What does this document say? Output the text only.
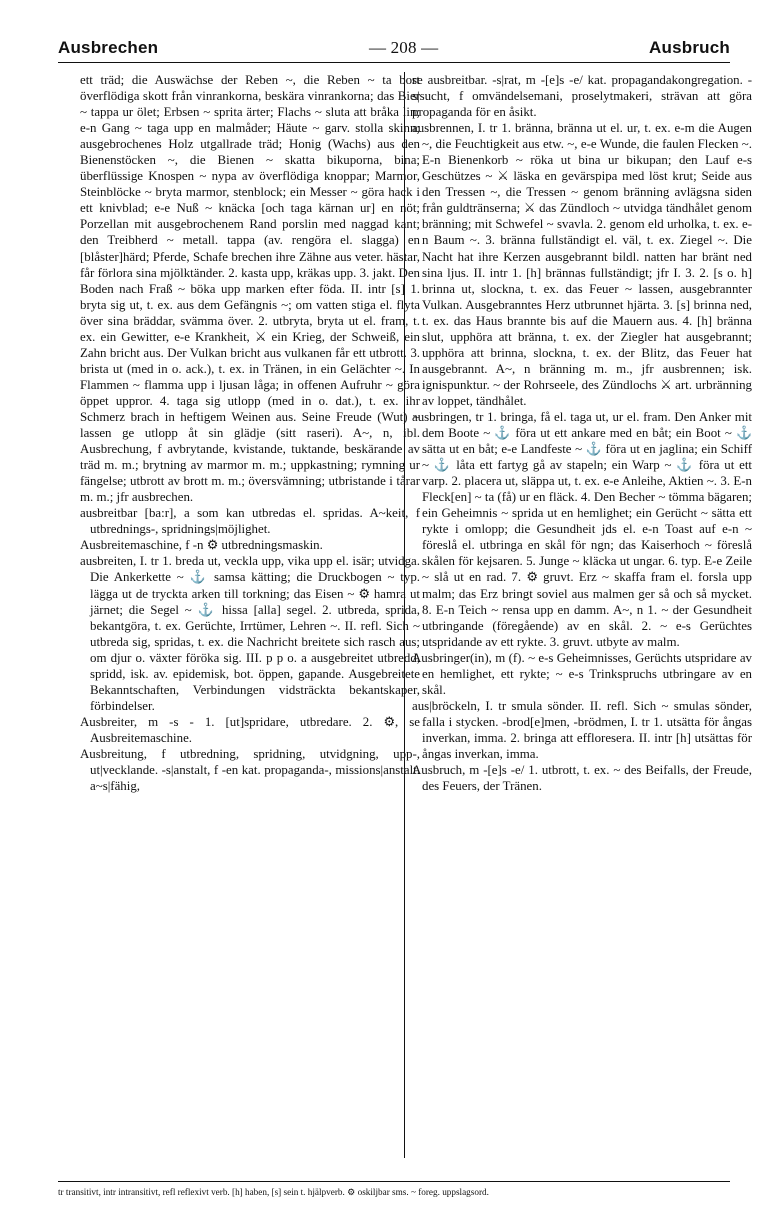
Ausbrechen	— 208 —	Ausbruch

ett träd; die Auswächse der Reben ~, die Reben ~ ta bort överflödiga skott från vinrankorna, beskära vinrankorna; das Bier ~ tappa ur ölet; Erbsen ~ sprita ärter; Flachs ~ sluta att bråka lin; e-n Gang ~ taga upp en malmåder; Häute ~ garv. stolla skinn; ausgebrochenes Holz utgallrade träd; Honig (Wachs) aus den Bienenstöcken ~, die Bienen ~ skatta bikuporna, bina; überflüssige Knospen ~ nypa av överflödiga knoppar; Marmor, Steinblöcke ~ bryta marmor, stenblock; ein Messer ~ göra hack i ett knivblad; e-e Nuß ~ knäcka [och taga kärnan ur] en nöt; Porzellan mit ausgebrochenem Rand porslin med naggad kant; den Treibherd ~ metall. tappa (av. rengöra el. slagga) en [blåster]härd; Pferde, Schafe brechen ihre Zähne aus veter. hästar, får förlora sina mjölktänder. 2. kasta upp, kräkas upp. 3. jakt. Den Boden nach Fraß ~ böka upp marken efter föda. II. intr [s] 1. bryta sig ut, t. ex. aus dem Gefängnis ~; om vatten stiga el. flyta över sina bräddar, svämma över. 2. utbryta, bryta ut el. fram, t. ex. ein Gewitter, e-e Krankheit, ⚔ ein Krieg, der Schweiß, ein Zahn bricht aus. Der Vulkan bricht aus vulkanen får ett utbrott. 3. brista ut (med in o. ack.), t. ex. in Tränen, in ein Gelächter ~. In Flammen ~ flamma upp i ljusan låga; in offenen Aufruhr ~ göra öppet uppror. 4. taga sig utlopp (med in o. dat.), t. ex. ihr Schmerz brach in heftigem Weinen aus. Seine Freude (Wut) ~ lassen ge utlopp åt sin glädje (sitt raseri). A~, n, ibl. Ausbrechung, f avbrytande, kvistande, tuktande, beskärande av träd m. m.; brytning av marmor m. m.; uppkastning; rymning ur fängelse; utbrott av brott m. m.; översvämning; utbristande i tårar m. m.; jfr ausbrechen.

ausbreitbar [ba:r], a som kan utbredas el. spridas. A~keit, f utbrednings-, spridnings|möjlighet.

Ausbreitemaschine, f -n ⚙ utbredningsmaskin.

ausbreiten, I. tr 1. breda ut, veckla upp, vika upp el. isär; utvidga. Die Ankerkette ~ ⚓ samsa kätting; die Druckbogen ~ typ. lägga ut de tryckta arken till torkning; das Eisen ~ ⚙ hamra ut järnet; die Segel ~ ⚓ hissa [alla] segel. 2. utbreda, sprida, bekantgöra, t. ex. Gerüchte, Irrtümer, Lehren ~. II. refl. Sich ~ utbreda sig, spridas, t. ex. die Nachricht breitete sich rasch aus; om djur o. växter föröka sig. III. p p o. a ausgebreitet utbredd, spridd, isk. av. epidemisk, bot. öppen, gapande. Ausgebreitete Bekanntschaften, Verbindungen vidsträckta bekantskaper, förbindelser.

Ausbreiter, m -s - 1. [ut]spridare, utbredare. 2. ⚙, se Ausbreitemaschine.

Ausbreitung, f utbredning, spridning, utvidgning, upp-, ut|vecklande. -s|anstalt, f -en kat. propaganda-, missions|anstalt. a~s|fähig,

se ausbreitbar. -s|rat, m -[e]s -e/ kat. propagandakongregation. -s|sucht, f omvändelsemani, proselytmakeri, strävan att göra propaganda för en åsikt.

ausbrennen, I. tr 1. bränna, bränna ut el. ur, t. ex. e-m die Augen ~, die Feuchtigkeit aus etw. ~, e-e Wunde, die faulen Flecken ~. E-n Bienenkorb ~ röka ut bina ur bikupan; den Lauf e-s Geschützes ~ ⚔ läska en gevärspipa med löst krut; Seide aus den Tressen ~, die Tressen ~ genom bränning avlägsna siden från guldtränserna; ⚔ das Zündloch ~ utvidga tändhålet genom bränning; mit Schwefel ~ svavla. 2. genom eld urholka, t. ex. e-n Baum ~. 3. bränna fullständigt el. väl, t. ex. Ziegel ~. Die Nacht hat ihre Kerzen ausgebrannt bildl. natten har bränt ned sina ljus. II. intr 1. [h] brännas fullständigt; jfr I. 3. 2. [s o. h] brinna ut, slockna, t. ex. das Feuer ~ lassen, ausgebrannter Vulkan. Ausgebranntes Herz utbrunnet hjärta. 3. [s] brinna ned, t. ex. das Haus brannte bis auf die Mauern aus. 4. [h] bränna slut, upphöra att bränna, t. ex. der Ziegler hat ausgebrannt; upphöra att brinna, slockna, t. ex. der Blitz, das Feuer hat ausgebrannt. A~, n bränning m. m., jfr ausbrennen; isk. ignispunktur. ~ der Rohrseele, des Zündlochs ⚔ art. urbränning av loppet, tändhålet.

ausbringen, tr 1. bringa, få el. taga ut, ur el. fram. Den Anker mit dem Boote ~ ⚓ föra ut ett ankare med en båt; ein Boot ~ ⚓ sätta ut en båt; e-e Landfeste ~ ⚓ föra ut en jaglina; ein Schiff ~ ⚓ låta ett fartyg gå av stapeln; ein Warp ~ ⚓ föra ut ett varp. 2. placera ut, släppa ut, t. ex. e-e Anleihe, Aktien ~. 3. E-n Fleck[en] ~ ta (få) ur en fläck. 4. Den Becher ~ tömma bägaren; ein Geheimnis ~ sprida ut en hemlighet; ein Gerücht ~ sätta ett rykte i omlopp; die Gesundheit jds el. e-n Toast auf e-n ~ föreslå el. utbringa en skål för ngn; das Kaiserhoch ~ föreslå skålen för kejsaren. 5. Junge ~ kläcka ut ungar. 6. typ. E-e Zeile ~ slå ut en rad. 7. ⚙ gruvt. Erz ~ skaffa fram el. forsla upp malm; das Erz bringt soviel aus malmen ger så och så mycket. 8. E-n Teich ~ rensa upp en damm. A~, n 1. ~ der Gesundheit utbringande (föregående) av en skål. 2. ~ e-s Gerüchtes utspridande av ett rykte. 3. gruvt. utbyte av malm.

Ausbringer(in), m (f). ~ e-s Geheimnisses, Gerüchts utspridare av en hemlighet, ett rykte; ~ e-s Trinkspruchs utbringare av en skål.

aus|bröckeln, I. tr smula sönder. II. refl. Sich ~ smulas sönder, falla i stycken. -brod[e]men, -brödmen, I. tr 1. utsätta för ångas inverkan, imma. 2. bringa att effloresera. II. intr [h] utsättas för ångas inverkan, imma.

Ausbruch, m -[e]s -e/ 1. utbrott, t. ex. ~ des Beifalls, der Freude, des Feuers, der Tränen.

tr transitivt, intr intransitivt, refl reflexivt verb. [h] haben, [s] sein t. hjälpverb. ⚙ oskiljbar sms. ~ foreg. uppslagsord.
